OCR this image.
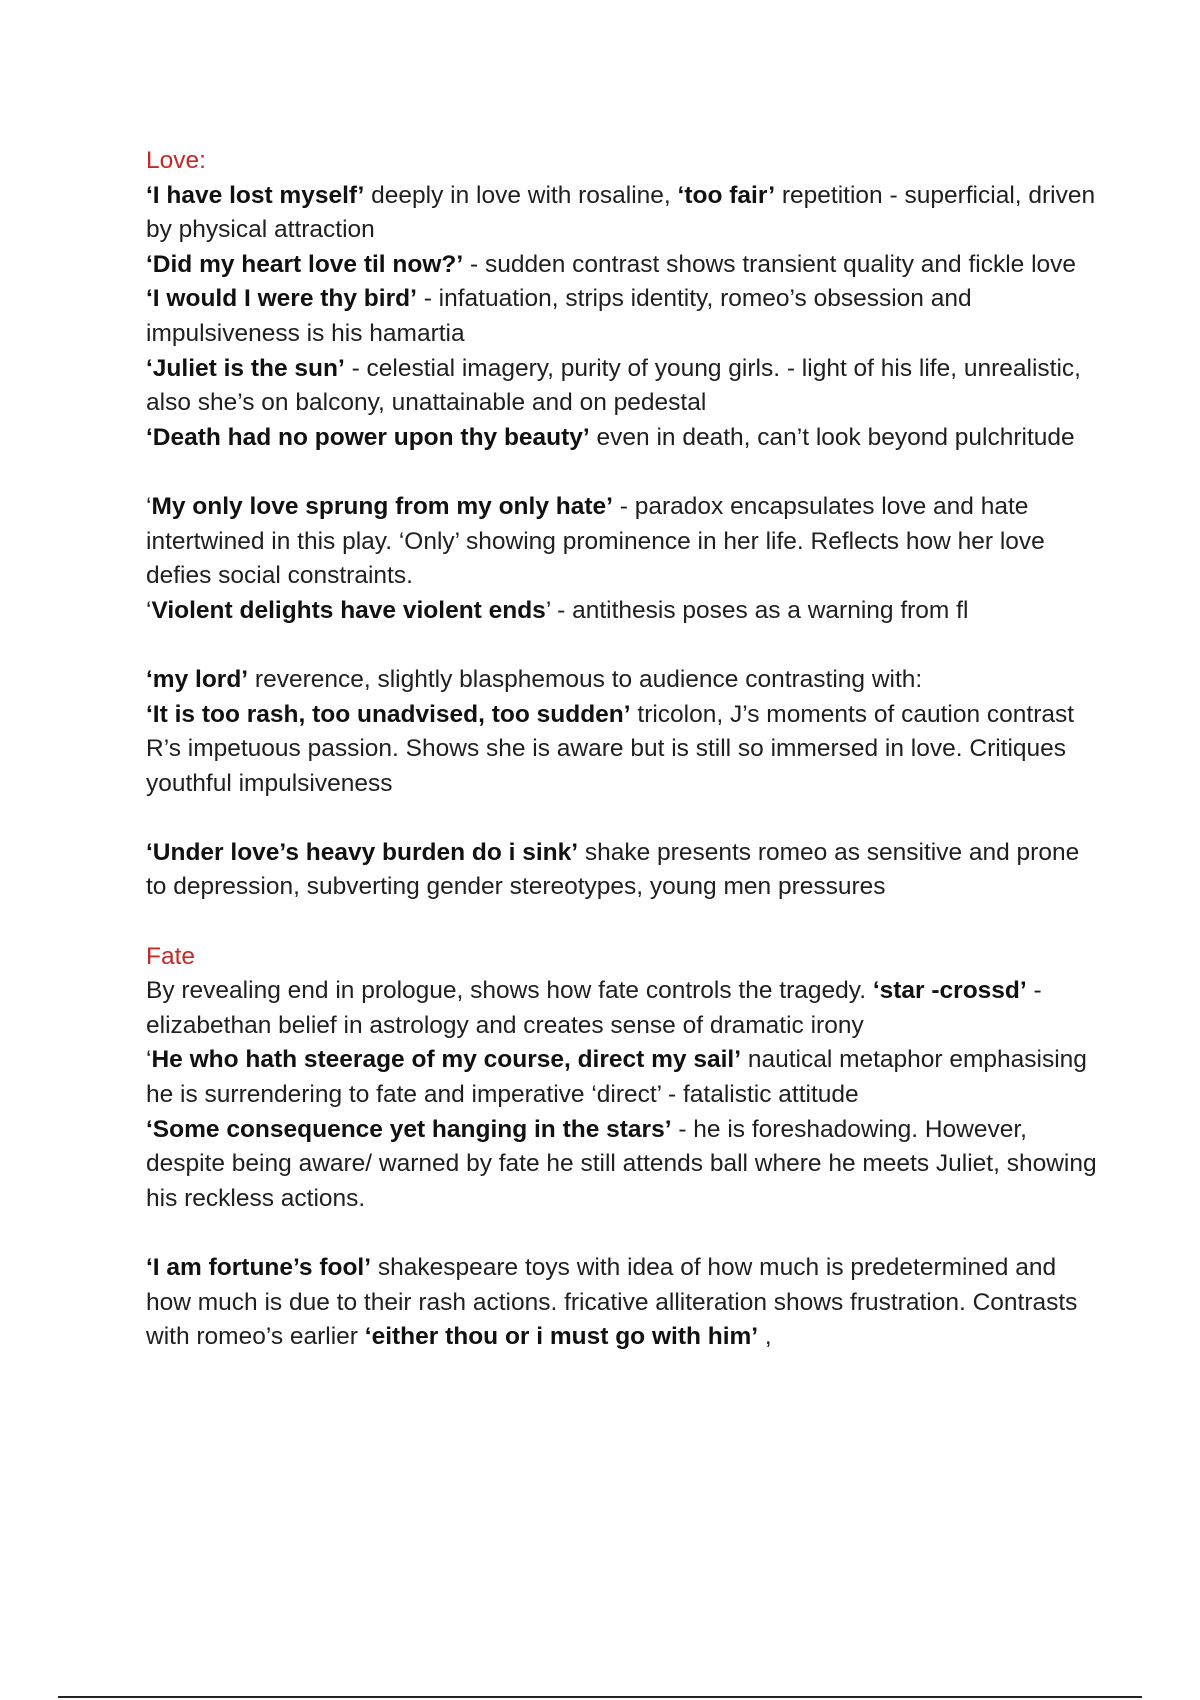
Love:
‘I have lost myself’ deeply in love with rosaline, ‘too fair’ repetition - superficial, driven by physical attraction
‘Did my heart love til now?’ - sudden contrast shows transient quality and fickle love
‘I would I were thy bird’ - infatuation, strips identity, romeo’s obsession and impulsiveness is his hamartia
‘Juliet is the sun’ - celestial imagery, purity of young girls. - light of his life, unrealistic, also she’s on balcony, unattainable and on pedestal
‘Death had no power upon thy beauty’ even in death, can’t look beyond pulchritude
‘My only love sprung from my only hate’ - paradox encapsulates love and hate intertwined in this play. ‘Only’ showing prominence in her life. Reflects how her love defies social constraints.
‘Violent delights have violent ends’ - antithesis poses as a warning from fl
‘my lord’ reverence, slightly blasphemous to audience contrasting with:
‘It is too rash, too unadvised, too sudden’ tricolon, J’s moments of caution contrast R’s impetuous passion. Shows she is aware but is still so immersed in love. Critiques youthful impulsiveness
‘Under love’s heavy burden do i sink’ shake presents romeo as sensitive and prone to depression, subverting gender stereotypes, young men pressures
Fate
By revealing end in prologue, shows how fate controls the tragedy. ‘star -crossd’ - elizabethan belief in astrology and creates sense of dramatic irony
‘He who hath steerage of my course, direct my sail’ nautical metaphor emphasising he is surrendering to fate and imperative ‘direct’ - fatalistic attitude
‘Some consequence yet hanging in the stars’ - he is foreshadowing. However, despite being aware/ warned by fate he still attends ball where he meets Juliet, showing his reckless actions.
‘I am fortune’s fool’ shakespeare toys with idea of how much is predetermined and how much is due to their rash actions. fricative alliteration shows frustration. Contrasts with romeo’s earlier ‘either thou or i must go with him’ ,
